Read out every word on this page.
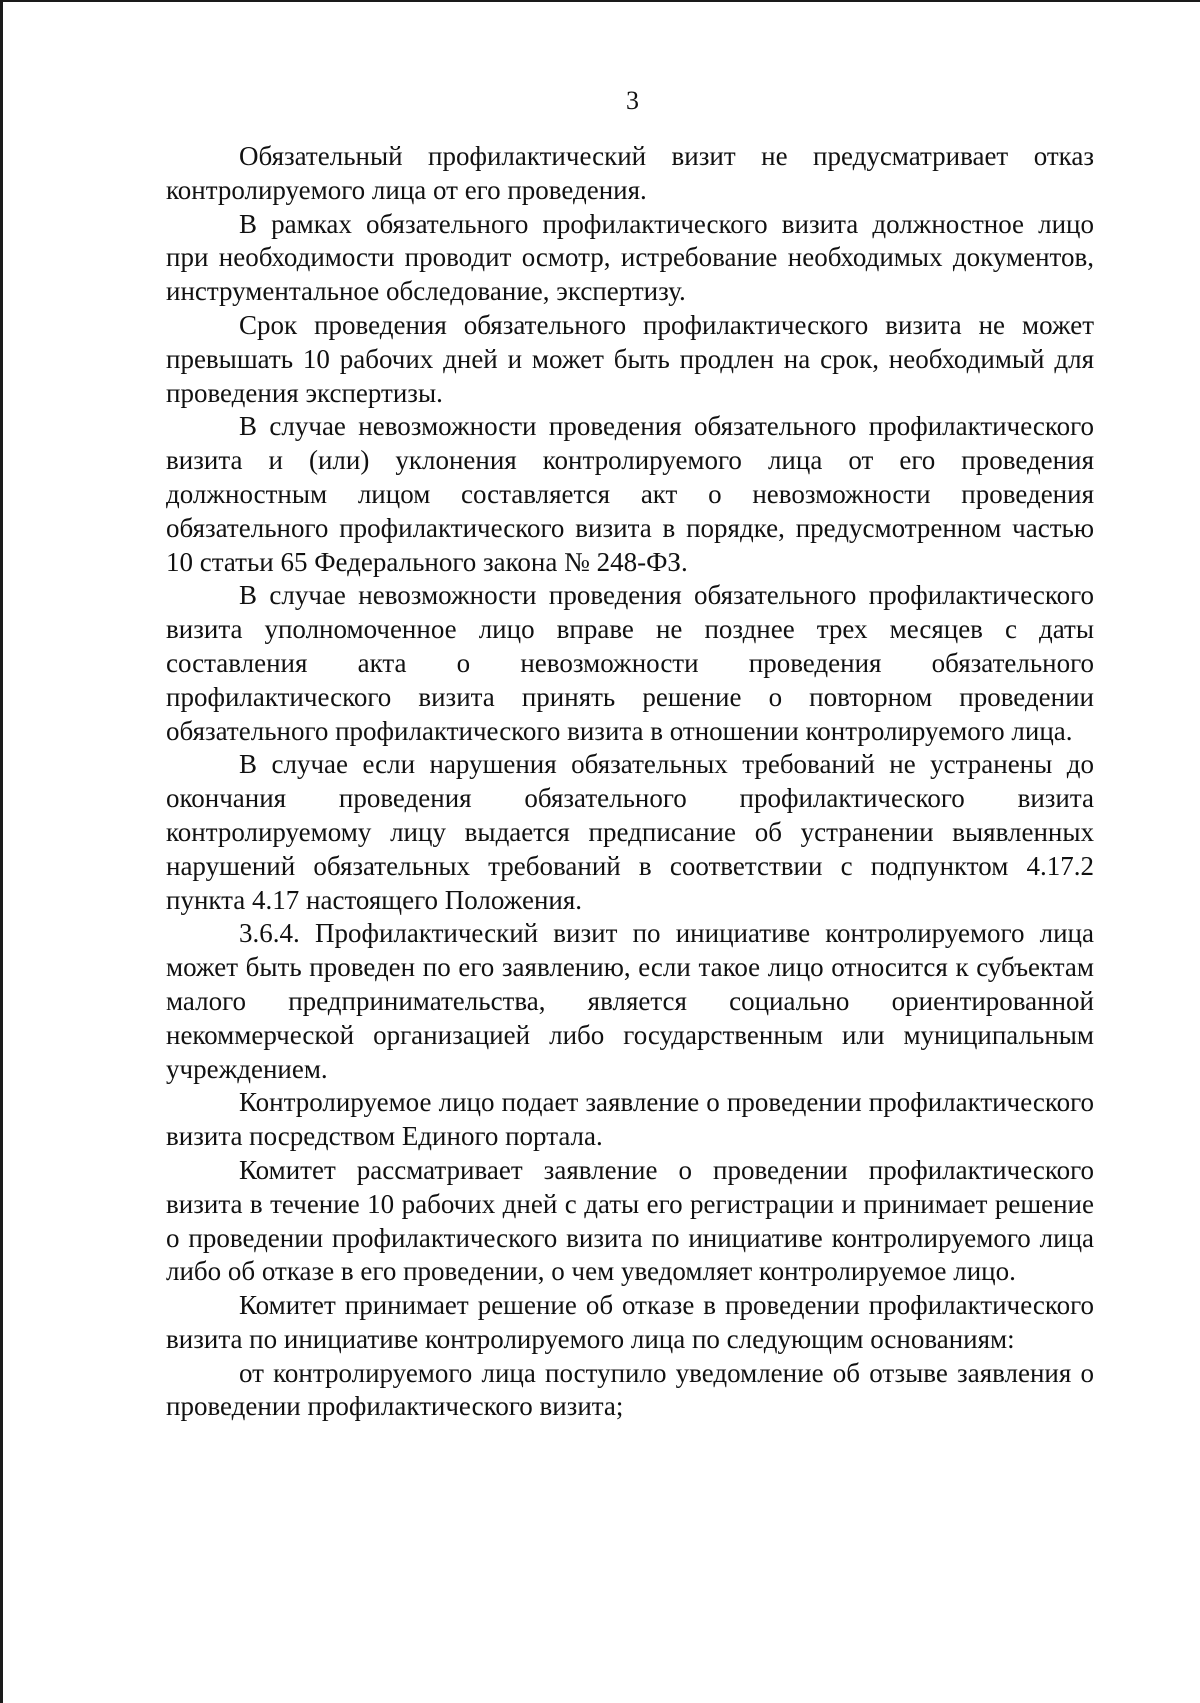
3

Обязательный профилактический визит не предусматривает отказ контролируемого лица от его проведения.

В рамках обязательного профилактического визита должностное лицо при необходимости проводит осмотр, истребование необходимых документов, инструментальное обследование, экспертизу.

Срок проведения обязательного профилактического визита не может превышать 10 рабочих дней и может быть продлен на срок, необходимый для проведения экспертизы.

В случае невозможности проведения обязательного профилактического визита и (или) уклонения контролируемого лица от его проведения должностным лицом составляется акт о невозможности проведения обязательного профилактического визита в порядке, предусмотренном частью 10 статьи 65 Федерального закона № 248-ФЗ.

В случае невозможности проведения обязательного профилактического визита уполномоченное лицо вправе не позднее трех месяцев с даты составления акта о невозможности проведения обязательного профилактического визита принять решение о повторном проведении обязательного профилактического визита в отношении контролируемого лица.

В случае если нарушения обязательных требований не устранены до окончания проведения обязательного профилактического визита контролируемому лицу выдается предписание об устранении выявленных нарушений обязательных требований в соответствии с подпунктом 4.17.2 пункта 4.17 настоящего Положения.

3.6.4. Профилактический визит по инициативе контролируемого лица может быть проведен по его заявлению, если такое лицо относится к субъектам малого предпринимательства, является социально ориентированной некоммерческой организацией либо государственным или муниципальным учреждением.

Контролируемое лицо подает заявление о проведении профилактического визита посредством Единого портала.

Комитет рассматривает заявление о проведении профилактического визита в течение 10 рабочих дней с даты его регистрации и принимает решение о проведении профилактического визита по инициативе контролируемого лица либо об отказе в его проведении, о чем уведомляет контролируемое лицо.

Комитет принимает решение об отказе в проведении профилактического визита по инициативе контролируемого лица по следующим основаниям:

от контролируемого лица поступило уведомление об отзыве заявления о проведении профилактического визита;
